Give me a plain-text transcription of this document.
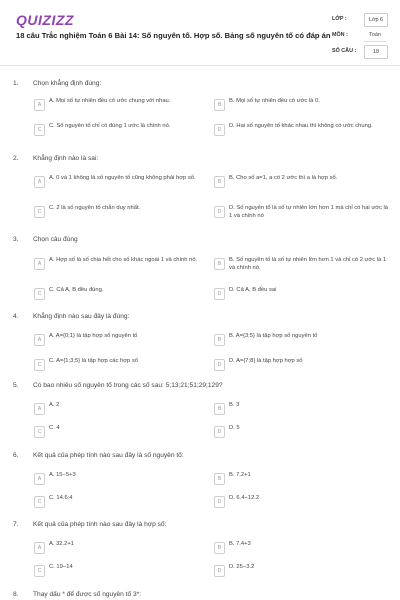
QUIZIZZ
18 câu Trắc nghiệm Toán 6 Bài 14: Số nguyên tố. Hợp số. Bảng số nguyên tố có đáp án
LỚP :	Lớp 6
MÔN :	Toán
SỐ CÂU :	18
1. Chọn khẳng định đúng:
A
A. Mọi số tự nhiên đều có ước chung với nhau.
B
B. Mọi số tự nhiên đều có ước là 0.
C
C. Số nguyên tố chỉ có đúng 1 ước là chính nó.
D
D. Hai số nguyên tố khác nhau thì không có ước chung.
2. Khẳng định nào là sai:
A
A. 0 và 1 không là số nguyên tố cũng không phải hợp số.
B
B. Cho số a=1, a có 2 ước thì a là hợp số.
C
C. 2 là số nguyên tố chẵn duy nhất.
D
D. Số nguyên tố là số tự nhiên lớn hơn 1 mà chỉ có hai ước là 1 và chính nó
3. Chọn câu đúng
A
A. Hợp số là số chia hết cho số khác ngoài 1 và chính nó.
B
B. Số nguyên tố là số tự nhiên lớn hơn 1 và chỉ có 2 ước là 1 và chính nó.
C
C. Cả A, B đều đúng.
D
D. Cả A, B đều sai
4. Khẳng định nào sau đây là đúng:
A
A. A={0;1} là tập hợp số nguyên tố
B
B. A={3;5} là tập hợp số nguyên tố
C
C. A={1;3;5} là tập hợp các hợp số
D
D. A={7;8} là tập hợp hợp số
5. Có bao nhiêu số nguyên tố trong các số sau: 5;13;21;51;29;129?
A
A. 2
B
B. 3
C
C. 4
D
D. 5
6. Kết quả của phép tính nào sau đây là số nguyên tố:
A
A. 15−5+3
B
B. 7.2+1
C
C. 14.6:4
D
D. 6.4−12.2
7. Kết quả của phép tính nào sau đây là hợp số:
A
A. 32.2+1
B
B. 7.4+3
C
C. 19−14
D
D. 25−3.2
8. Thay dấu * để được số nguyên tố 3*:
